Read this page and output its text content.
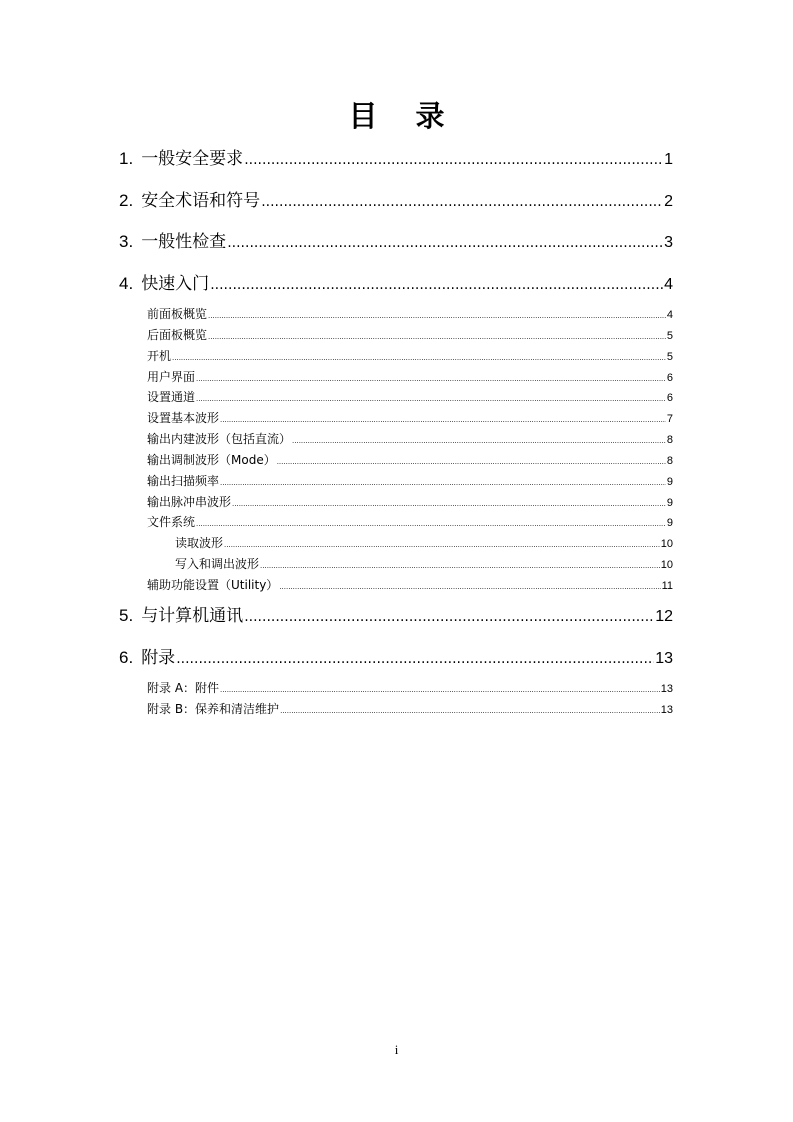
目 录
1. 一般安全要求 .....	1
2. 安全术语和符号 .....	2
3. 一般性检查 .....	3
4. 快速入门 .....	4
前面板概览 .....	4
后面板概览 .....	5
开机 .....	5
用户界面 .....	6
设置通道 .....	6
设置基本波形 .....	7
输出内建波形（包括直流） .....	8
输出调制波形（Mode） .....	8
输出扫描频率 .....	9
输出脉冲串波形 .....	9
文件系统 .....	9
读取波形 .....	10
写入和调出波形 .....	10
辅助功能设置（Utility） .....	11
5. 与计算机通讯 .....	12
6. 附录 .....	13
附录 A：附件 .....	13
附录 B：保养和清洁维护 .....	13
i
